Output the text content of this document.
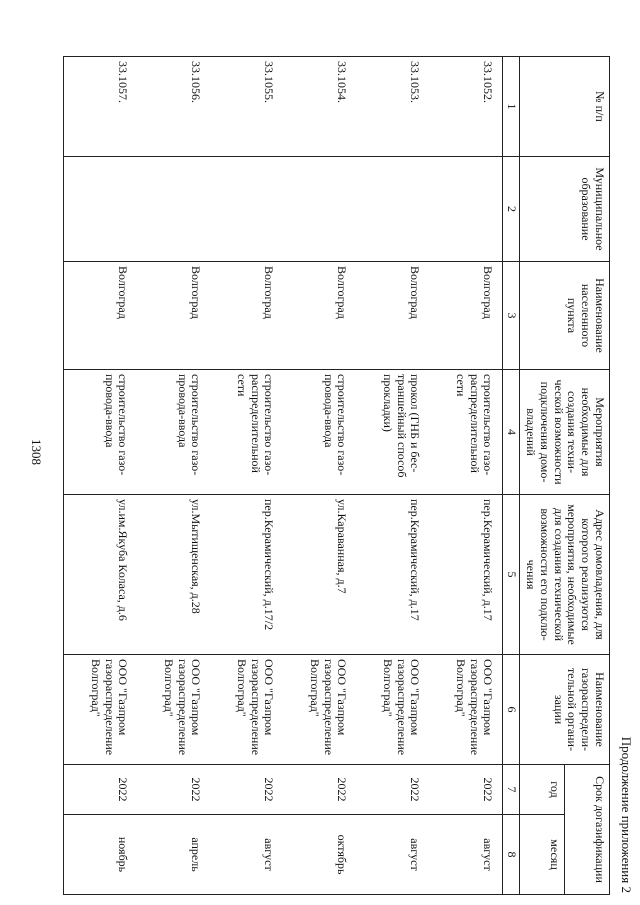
1308
Продолжение приложения 2
№ п/п	Муниципальное образование	Наименование населенного пункта	Мероприятия необходимые для создания техни-ческой возможности подключения домо-владений	Адрес домовладения, для которого реализуются мероприятия, необходимые для создания технической возможности его подклю-чения	Наименование газораспредели-тельной органи-зации	Срок догазификации	
						год	месяц
1	2	3	4	5	6	7	8
33.1052.		Волгоград	строительство газо-распределительной сети	пер.Керамический, д.17	ООО "Газпром газораспределение Волгоград"	2022	август
33.1053.		Волгоград	прокол (ГНБ и бес-траншейный способ прокладки)	пер.Керамический, д.17	ООО "Газпром газораспределение Волгоград"	2022	август
33.1054.		Волгоград	строительство газо-провода-ввода	ул.Караванная, д.7	ООО "Газпром газораспределение Волгоград"	2022	октябрь
33.1055.		Волгоград	строительство газо-распределительной сети	пер.Керамический, д.17/2	ООО "Газпром газораспределение Волгоград"	2022	август
33.1056.		Волгоград	строительство газо-провода-ввода	ул.Мытищенская, д.28	ООО "Газпром газораспределение Волгоград"	2022	апрель
33.1057.		Волгоград	строительство газо-провода-ввода	ул.им.Якуба Коласа, д.6	ООО "Газпром газораспределение Волгоград"	2022	ноябрь
